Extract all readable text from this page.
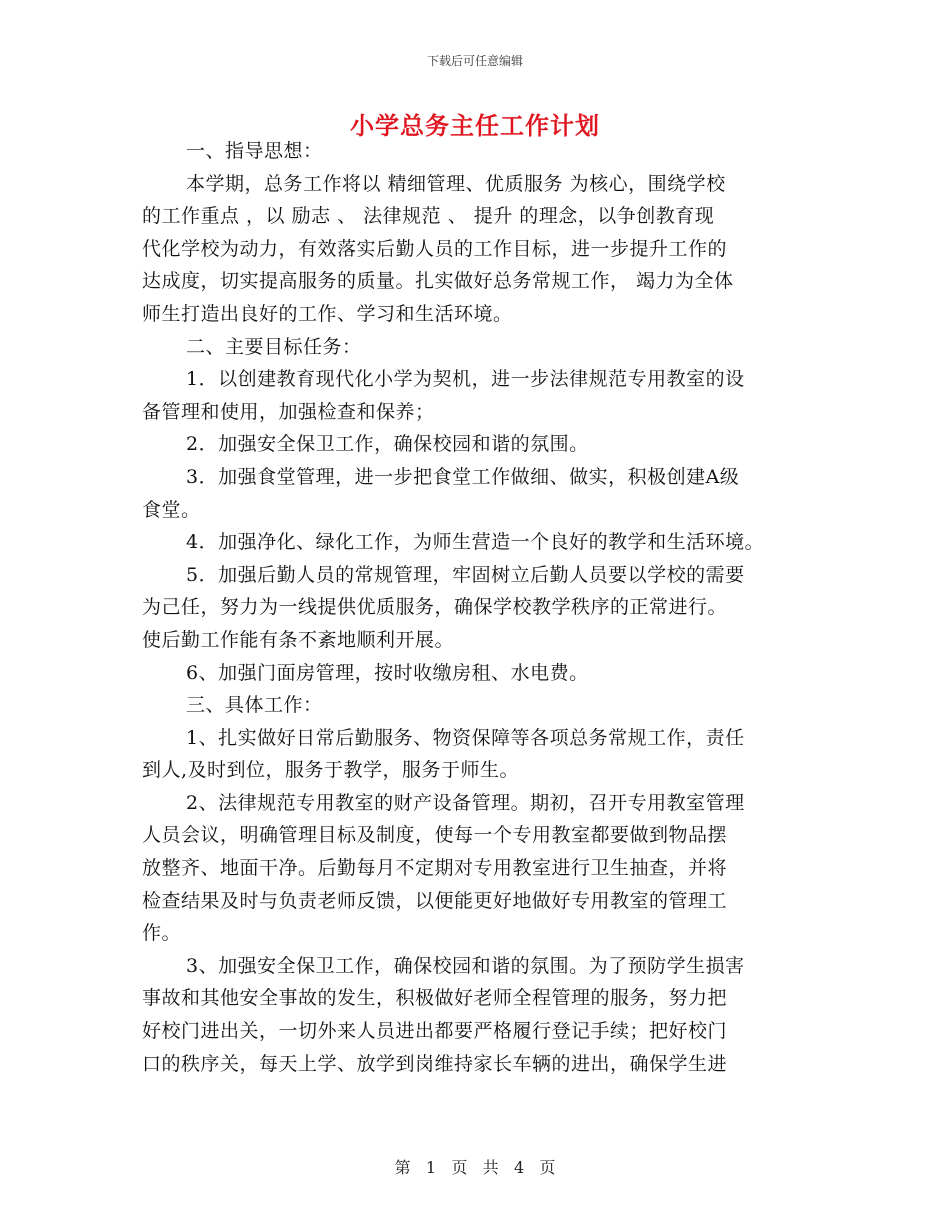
下载后可任意编辑
小学总务主任工作计划
一、指导思想：
本学期，总务工作将以 精细管理、优质服务 为核心，围绕学校
的工作重点 ，以 励志 、 法律规范 、 提升 的理念，以争创教育现
代化学校为动力，有效落实后勤人员的工作目标，进一步提升工作的
达成度，切实提高服务的质量。扎实做好总务常规工作， 竭力为全体
师生打造出良好的工作、学习和生活环境。
二、主要目标任务：
1．以创建教育现代化小学为契机，进一步法律规范专用教室的设
备管理和使用，加强检查和保养；
2．加强安全保卫工作，确保校园和谐的氛围。
3．加强食堂管理，进一步把食堂工作做细、做实，积极创建A级
食堂。
4．加强净化、绿化工作，为师生营造一个良好的教学和生活环境。
5．加强后勤人员的常规管理，牢固树立后勤人员要以学校的需要
为己任，努力为一线提供优质服务，确保学校教学秩序的正常进行。
使后勤工作能有条不紊地顺利开展。
6、加强门面房管理，按时收缴房租、水电费。
三、具体工作：
1、扎实做好日常后勤服务、物资保障等各项总务常规工作，责任
到人,及时到位，服务于教学，服务于师生。
2、法律规范专用教室的财产设备管理。期初，召开专用教室管理
人员会议，明确管理目标及制度，使每一个专用教室都要做到物品摆
放整齐、地面干净。后勤每月不定期对专用教室进行卫生抽查，并将
检查结果及时与负责老师反馈，以便能更好地做好专用教室的管理工
作。
3、加强安全保卫工作，确保校园和谐的氛围。为了预防学生损害
事故和其他安全事故的发生，积极做好老师全程管理的服务，努力把
好校门进出关，一切外来人员进出都要严格履行登记手续；把好校门
口的秩序关，每天上学、放学到岗维持家长车辆的进出，确保学生进
第 1 页 共 4 页
